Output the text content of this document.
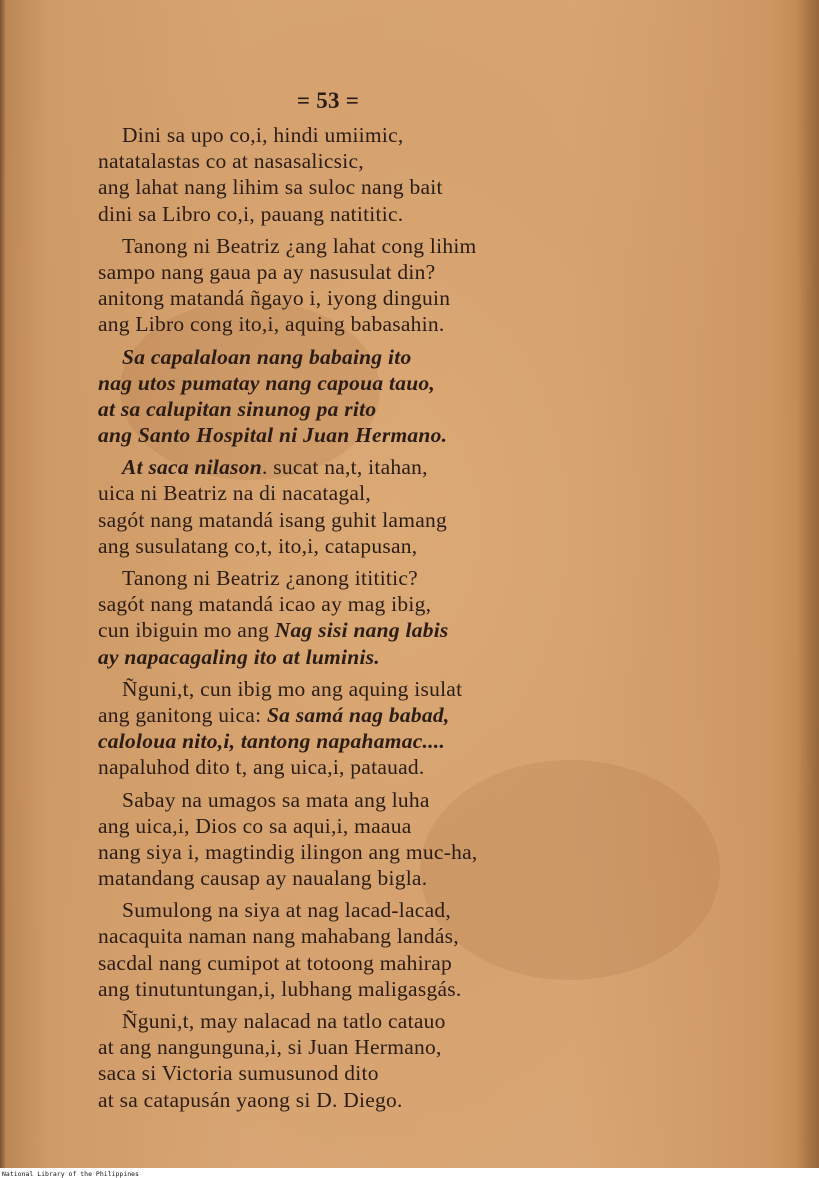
= 53 =
Dini sa upo co,i, hindi umiimic,
natatalastas co at nasasalicsic,
ang lahat nang lihim sa suloc nang bait
dini sa Libro co,i, pauang natititic.
Tanong ni Beatriz ¿ang lahat cong lihim
sampo nang gaua pa ay nasusulat din?
anitong matandá ñgayo i, iyong dinguin
ang Libro cong ito,i, aquing babasahin.
Sa capalaloan nang babaing ito
nag utos pumatay nang capoua tauo,
at sa calupitan sinunog pa rito
ang Santo Hospital ni Juan Hermano.
At saca nilason. sucat na,t, itahan,
uica ni Beatriz na di nacatagal,
sagót nang matandá isang guhit lamang
ang susulatang co,t, ito,i, catapusan,
Tanong ni Beatriz ¿anong itititic?
sagót nang matandá icao ay mag ibig,
cun ibiguin mo ang Nag sisi nang labis
ay napacagaling ito at luminis.
Ñguni,t, cun ibig mo ang aquing isulat
ang ganitong uica: Sa samá nag babad,
caloloua nito,i, tantong napahamac....
napaluhod dito t, ang uica,i, patauad.
Sabay na umagos sa mata ang luha
ang uica,i, Dios co sa aqui,i, maaua
nang siya i, magtindig ilingon ang muc-ha,
matandang causap ay naualang bigla.
Sumulong na siya at nag lacad-lacad,
nacaquita naman nang mahabang landás,
sacdal nang cumipot at totoong mahirap
ang tinutuntungan,i, lubhang maligasgás.
Ñguni,t, may nalacad na tatlo catauo
at ang nangunguna,i, si Juan Hermano,
saca si Victoria sumusunod dito
at sa catapusán yaong si D. Diego.
National Library of the Philippines
